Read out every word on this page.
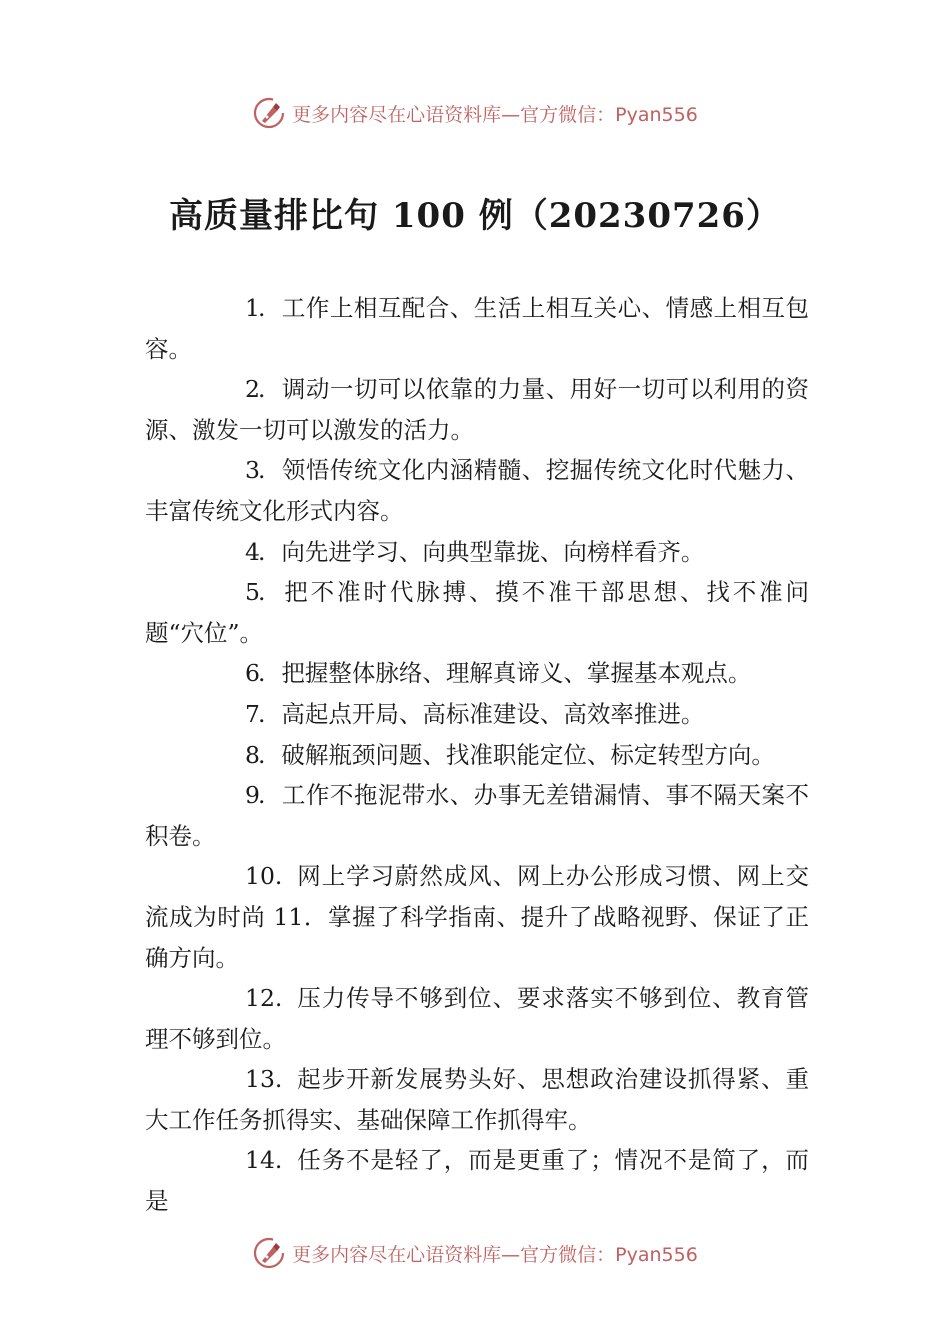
更多内容尽在心语资料库—官方微信：Pyan556
高质量排比句 100 例（20230726）

1. 工作上相互配合、生活上相互关心、情感上相互包容。

2. 调动一切可以依靠的力量、用好一切可以利用的资源、激发一切可以激发的活力。

3. 领悟传统文化内涵精髓、挖掘传统文化时代魅力、丰富传统文化形式内容。

4. 向先进学习、向典型靠拢、向榜样看齐。

5. 把不准时代脉搏、摸不准干部思想、找不准问题“穴位”。

6. 把握整体脉络、理解真谛义、掌握基本观点。

7. 高起点开局、高标准建设、高效率推进。

8. 破解瓶颈问题、找准职能定位、标定转型方向。

9. 工作不拖泥带水、办事无差错漏情、事不隔天案不积卷。

10. 网上学习蔚然成风、网上办公形成习惯、网上交流成为时尚 11．掌握了科学指南、提升了战略视野、保证了正确方向。

12. 压力传导不够到位、要求落实不够到位、教育管理不够到位。

13. 起步开新发展势头好、思想政治建设抓得紧、重大工作任务抓得实、基础保障工作抓得牢。

14. 任务不是轻了，而是更重了；情况不是简了，而是

更多内容尽在心语资料库—官方微信：Pyan556
